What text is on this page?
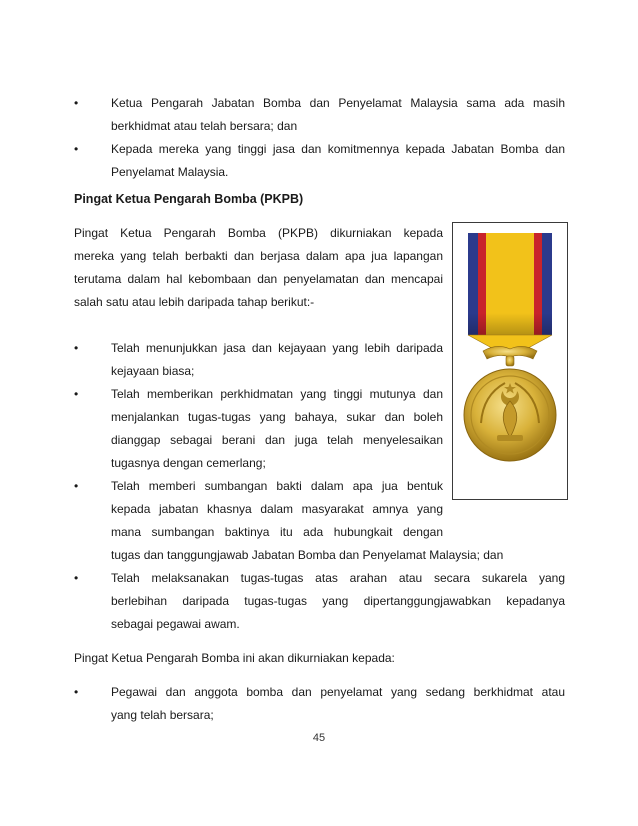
•	Ketua Pengarah Jabatan Bomba dan Penyelamat Malaysia sama ada masih
berkhidmat atau telah bersara; dan
•	Kepada mereka yang tinggi jasa dan komitmennya kepada Jabatan Bomba dan
Penyelamat Malaysia.
Pingat Ketua Pengarah Bomba (PKPB)
Pingat Ketua Pengarah Bomba (PKPB) dikurniakan kepada
mereka yang telah berbakti dan berjasa dalam apa jua lapangan
terutama dalam hal kebombaan dan penyelamatan dan mencapai
salah satu atau lebih daripada tahap berikut:-
•	Telah menunjukkan jasa dan kejayaan yang lebih daripada
kejayaan biasa;
•	Telah memberikan perkhidmatan yang tinggi mutunya dan
menjalankan tugas-tugas yang bahaya, sukar dan boleh
dianggap sebagai berani dan juga telah menyelesaikan
tugasnya dengan cemerlang;
•	Telah memberi sumbangan bakti dalam apa jua bentuk
kepada jabatan khasnya dalam masyarakat amnya yang
mana sumbangan baktinya itu ada hubungkait dengan
tugas dan tanggungjawab Jabatan Bomba dan Penyelamat Malaysia; dan
•	Telah melaksanakan tugas-tugas atas arahan atau secara sukarela yang
berlebihan daripada tugas-tugas yang dipertanggungjawabkan kepadanya
sebagai pegawai awam.
Pingat Ketua Pengarah Bomba ini akan dikurniakan kepada:
•	Pegawai dan anggota bomba dan penyelamat yang sedang berkhidmat atau
yang telah bersara;
45
